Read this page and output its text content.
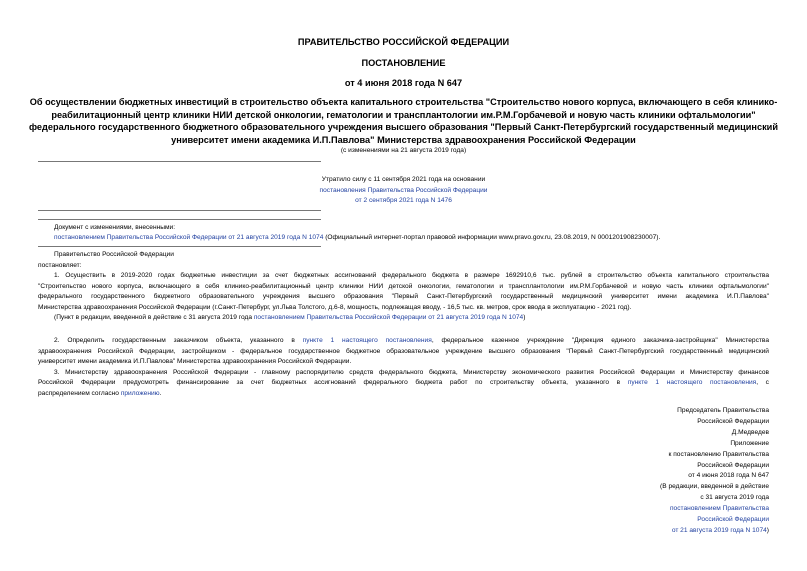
ПРАВИТЕЛЬСТВО РОССИЙСКОЙ ФЕДЕРАЦИИ
ПОСТАНОВЛЕНИЕ
от 4 июня 2018 года N 647
Об осуществлении бюджетных инвестиций в строительство объекта капитального строительства "Строительство нового корпуса, включающего в себя клинико-
реабилитационный центр клиники НИИ детской онкологии, гематологии и трансплантологии им.Р.М.Горбачевой и новую часть клиники офтальмологии"
федерального государственного бюджетного образовательного учреждения высшего образования "Первый Санкт-Петербургский государственный медицинский
университет имени академика И.П.Павлова" Министерства здравоохранения Российской Федерации
(с изменениями на 21 августа 2019 года)
Утратило силу с 11 сентября 2021 года на основании
постановления Правительства Российской Федерации
от 2 сентября 2021 года N 1476
Документ с изменениями, внесенными:
постановлением Правительства Российской Федерации от 21 августа 2019 года N 1074 (Официальный интернет-портал правовой информации www.pravo.gov.ru, 23.08.2019, N 0001201908230007).
Правительство Российской Федерации
постановляет:
1. Осуществить в 2019-2020 годах бюджетные инвестиции за счет бюджетных ассигнований федерального бюджета в размере 1692910,6 тыс. рублей в строительство объекта капитального строительства
"Строительство нового корпуса, включающего в себя клинико-реабилитационный центр клиники НИИ детской онкологии, гематологии и трансплантологии им.Р.М.Горбачевой и новую часть клиники офтальмологии"
федерального государственного бюджетного образовательного учреждения высшего образования "Первый Санкт-Петербургский государственный медицинский университет имени академика И.П.Павлова"
Министерства здравоохранения Российской Федерации (г.Санкт-Петербург, ул.Льва Толстого, д.6-8, мощность, подлежащая вводу, - 16,5 тыс. кв. метров, срок ввода в эксплуатацию - 2021 год).
(Пункт в редакции, введенной в действие с 31 августа 2019 года постановлением Правительства Российской Федерации от 21 августа 2019 года N 1074)
2. Определить государственным заказчиком объекта, указанного в пункте 1 настоящего постановления, федеральное казенное учреждение "Дирекция единого заказчика-застройщика" Министерства
здравоохранения Российской Федерации, застройщиком - федеральное государственное бюджетное образовательное учреждение высшего образования "Первый Санкт-Петербургский государственный медицинский
университет имени академика И.П.Павлова" Министерства здравоохранения Российской Федерации.
3. Министерству здравоохранения Российской Федерации - главному распорядителю средств федерального бюджета, Министерству экономического развития Российской Федерации и Министерству финансов
Российской Федерации предусмотреть финансирование за счет бюджетных ассигнований федерального бюджета работ по строительству объекта, указанного в пункте 1 настоящего постановления, с
распределением согласно приложению.
Председатель Правительства
Российской Федерации
Д.Медведев
Приложение
к постановлению Правительства
Российской Федерации
от 4 июня 2018 года N 647
(В редакции, введенной в действие
с 31 августа 2019 года
постановлением Правительства
Российской Федерации
от 21 августа 2019 года N 1074)
